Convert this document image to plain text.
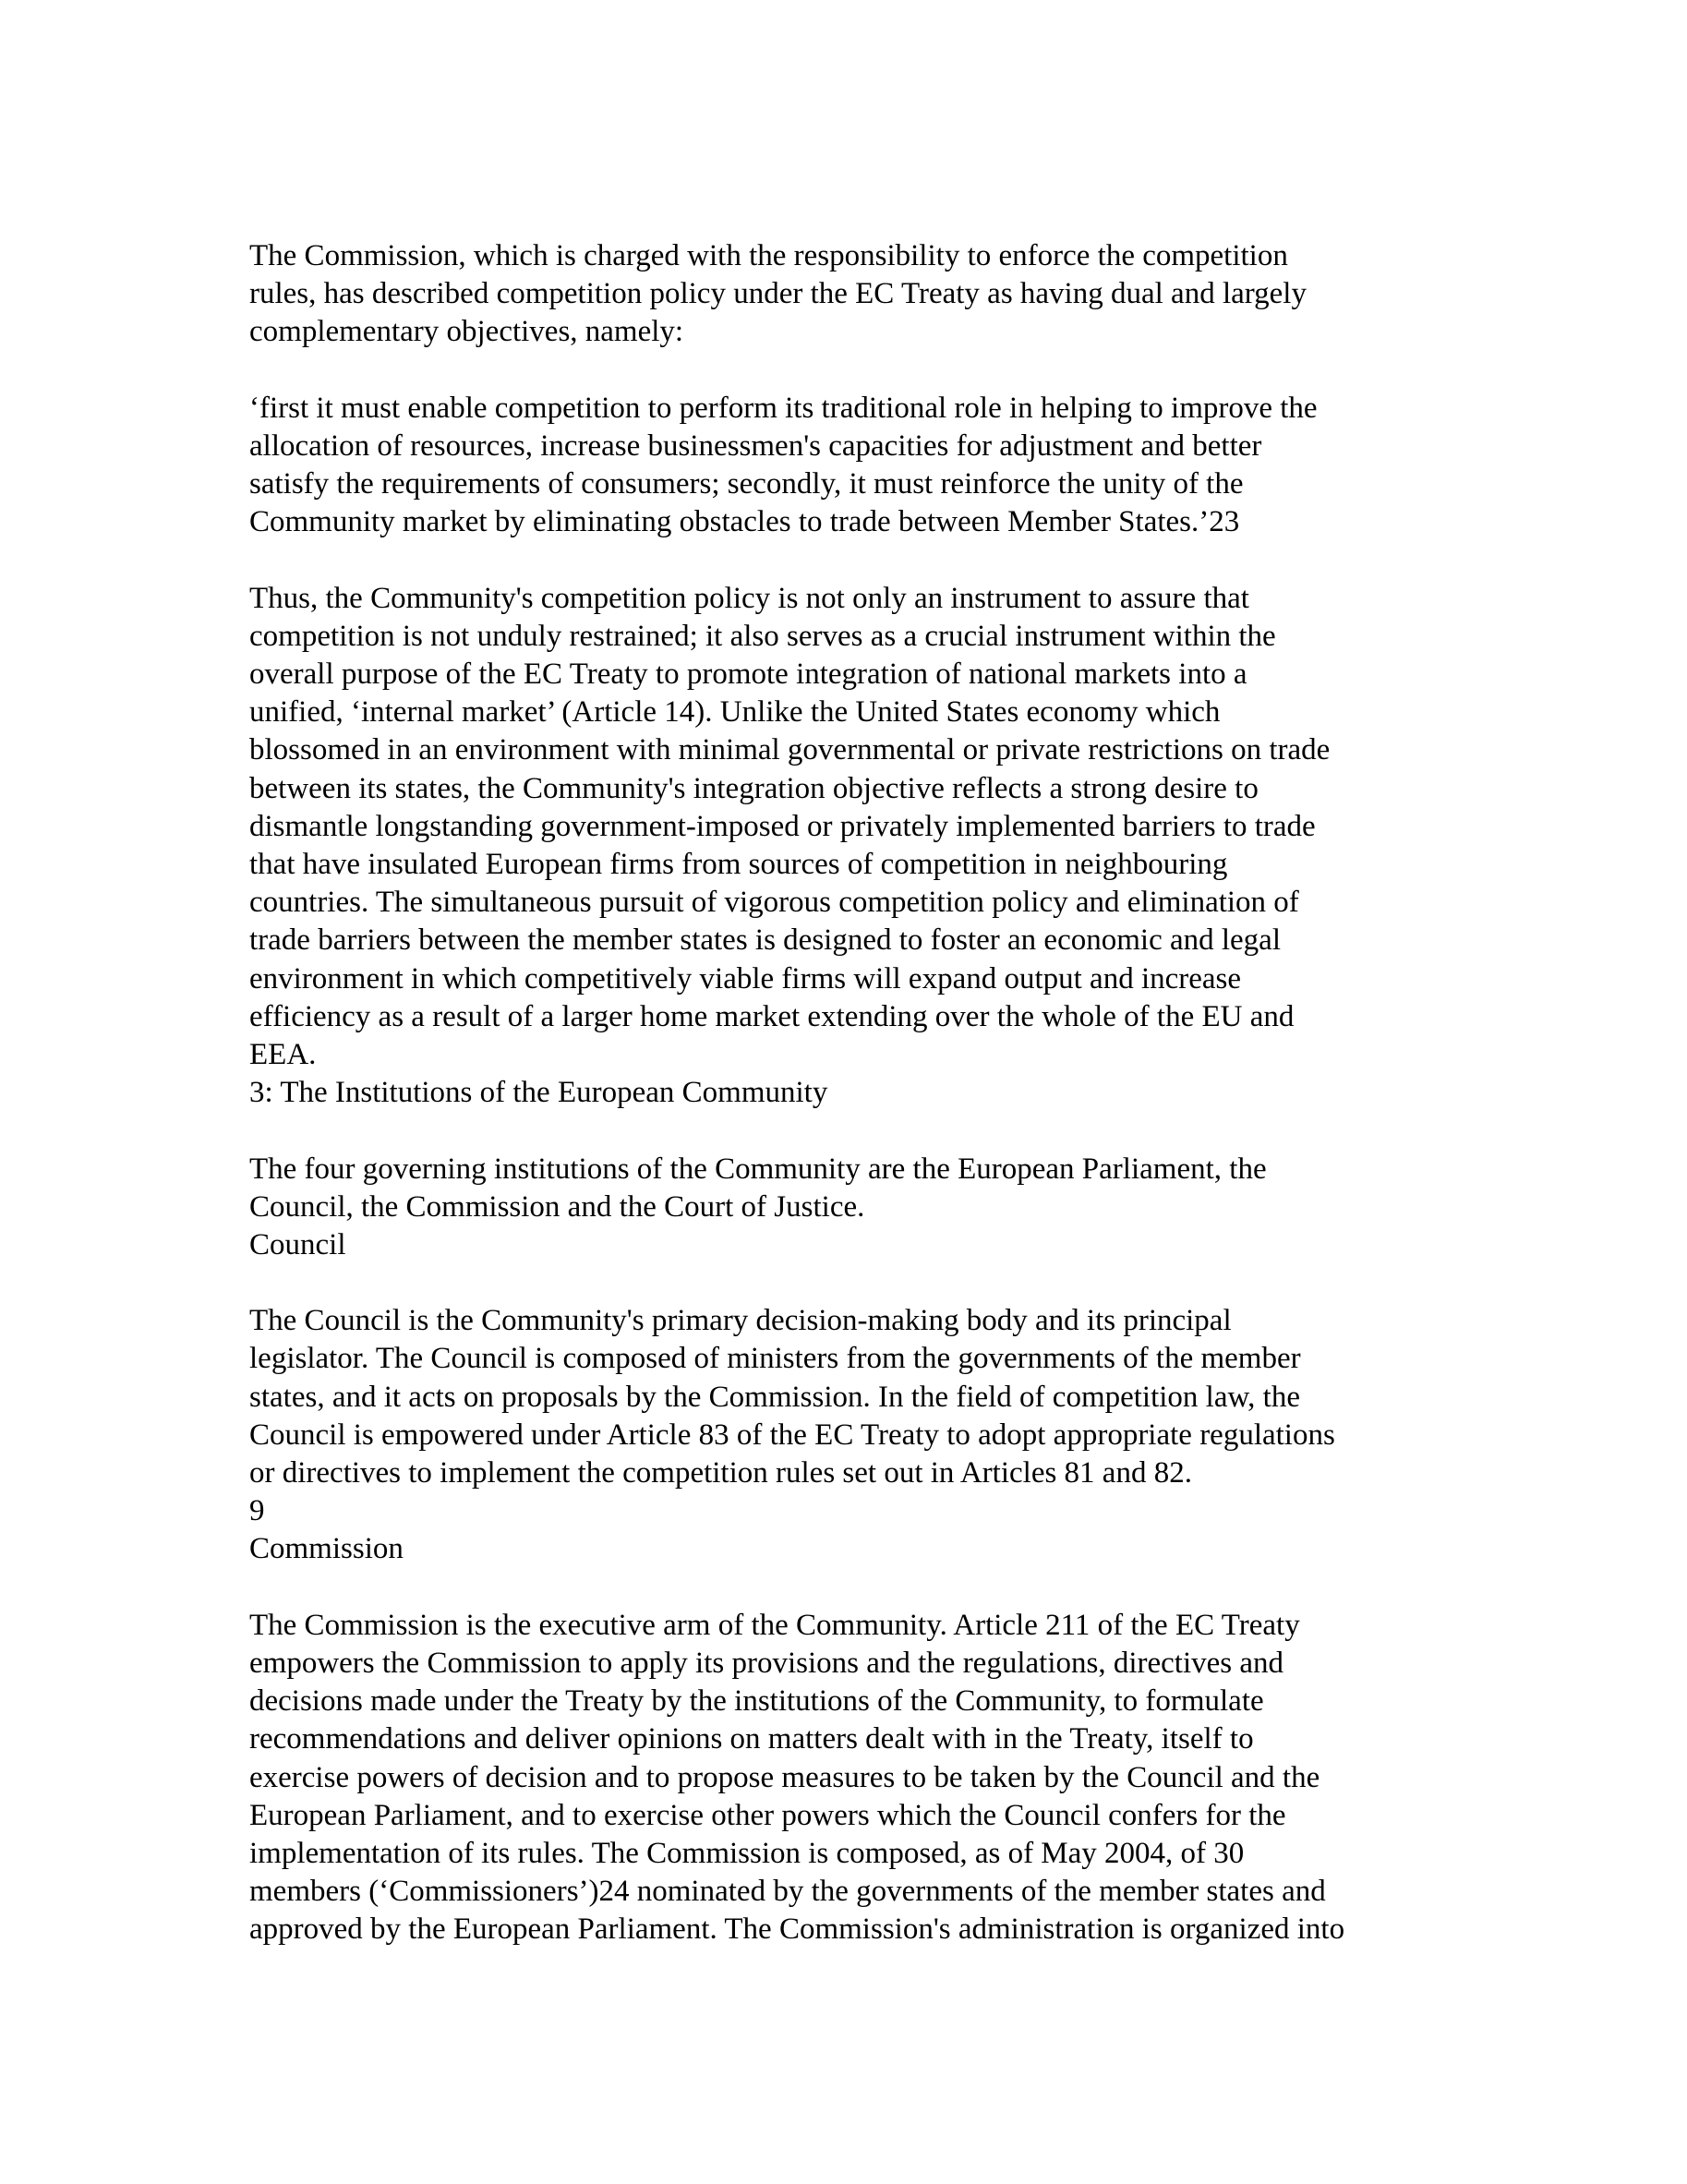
The Commission, which is charged with the responsibility to enforce the competition
rules, has described competition policy under the EC Treaty as having dual and largely
complementary objectives, namely:
‘first it must enable competition to perform its traditional role in helping to improve the
allocation of resources, increase businessmen's capacities for adjustment and better
satisfy the requirements of consumers; secondly, it must reinforce the unity of the
Community market by eliminating obstacles to trade between Member States.’23
Thus, the Community's competition policy is not only an instrument to assure that
competition is not unduly restrained; it also serves as a crucial instrument within the
overall purpose of the EC Treaty to promote integration of national markets into a
unified, ‘internal market’ (Article 14). Unlike the United States economy which
blossomed in an environment with minimal governmental or private restrictions on trade
between its states, the Community's integration objective reflects a strong desire to
dismantle longstanding government-imposed or privately implemented barriers to trade
that have insulated European firms from sources of competition in neighbouring
countries. The simultaneous pursuit of vigorous competition policy and elimination of
trade barriers between the member states is designed to foster an economic and legal
environment in which competitively viable firms will expand output and increase
efficiency as a result of a larger home market extending over the whole of the EU and
EEA.
3: The Institutions of the European Community
The four governing institutions of the Community are the European Parliament, the
Council, the Commission and the Court of Justice.
Council
The Council is the Community's primary decision-making body and its principal
legislator. The Council is composed of ministers from the governments of the member
states, and it acts on proposals by the Commission. In the field of competition law, the
Council is empowered under Article 83 of the EC Treaty to adopt appropriate regulations
or directives to implement the competition rules set out in Articles 81 and 82.
9
Commission
The Commission is the executive arm of the Community. Article 211 of the EC Treaty
empowers the Commission to apply its provisions and the regulations, directives and
decisions made under the Treaty by the institutions of the Community, to formulate
recommendations and deliver opinions on matters dealt with in the Treaty, itself to
exercise powers of decision and to propose measures to be taken by the Council and the
European Parliament, and to exercise other powers which the Council confers for the
implementation of its rules. The Commission is composed, as of May 2004, of 30
members (‘Commissioners’)24 nominated by the governments of the member states and
approved by the European Parliament. The Commission's administration is organized into
